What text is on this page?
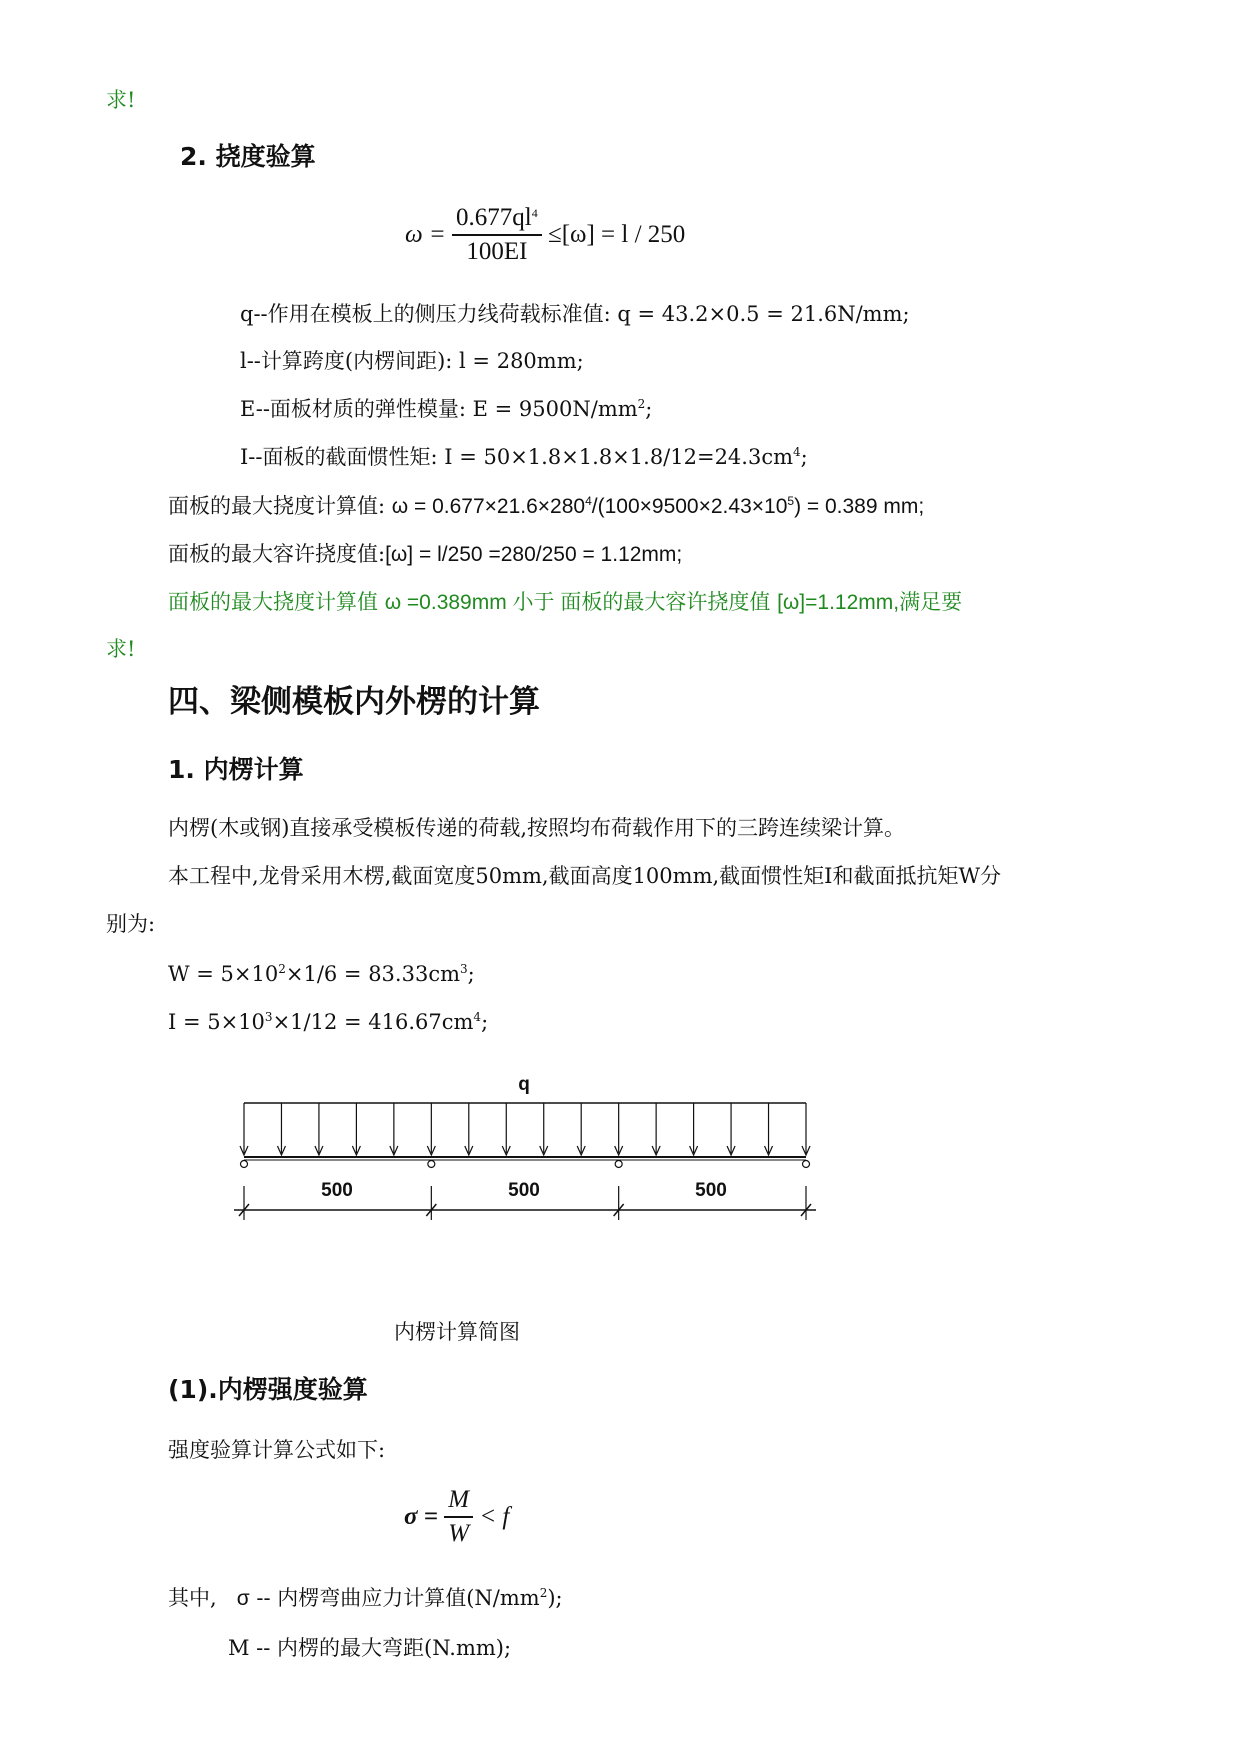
求!
2. 挠度验算
$\omega = \frac{0.677ql^4}{100EI} \le[\omega] = l / 250$
q--作用在模板上的侧压力线荷载标准值: q = 43.2×0.5 = 21.6N/mm;
l--计算跨度(内楞间距): l = 280mm;
E--面板材质的弹性模量: $E = 9500N/mm^2$;
I--面板的截面惯性矩: $I = 50\times 1.8\times 1.8\times 1.8/12=24.3cm^4$;
面板的最大挠度计算值: $\omega = 0.677\times 21.6\times 280^4/(100\times 9500\times 2.43\times 10^5) = 0.389$ mm;
面板的最大容许挠度值:[ω] = l/250 =280/250 = 1.12mm;
面板的最大挠度计算值 ω =0.389mm 小于 面板的最大容许挠度值 [ω]=1.12mm,满足要
求!
四、梁侧模板内外楞的计算
1. 内楞计算
内楞(木或钢)直接承受模板传递的荷载,按照均布荷载作用下的三跨连续梁计算。
本工程中,龙骨采用木楞,截面宽度50mm,截面高度100mm,截面惯性矩I和截面抵抗矩W分
别为:
$W = 5\times 10^2\times 1/6 = 83.33cm^3$;
$I = 5\times 10^3\times 1/12 = 416.67cm^4$;
q
500	500	500
内楞计算简图
(1).内楞强度验算
强度验算计算公式如下:
$\sigma = \frac{M}{W} < f$
其中, σ -- 内楞弯曲应力计算值$(N/mm^2)$;
M -- 内楞的最大弯距(N.mm);
